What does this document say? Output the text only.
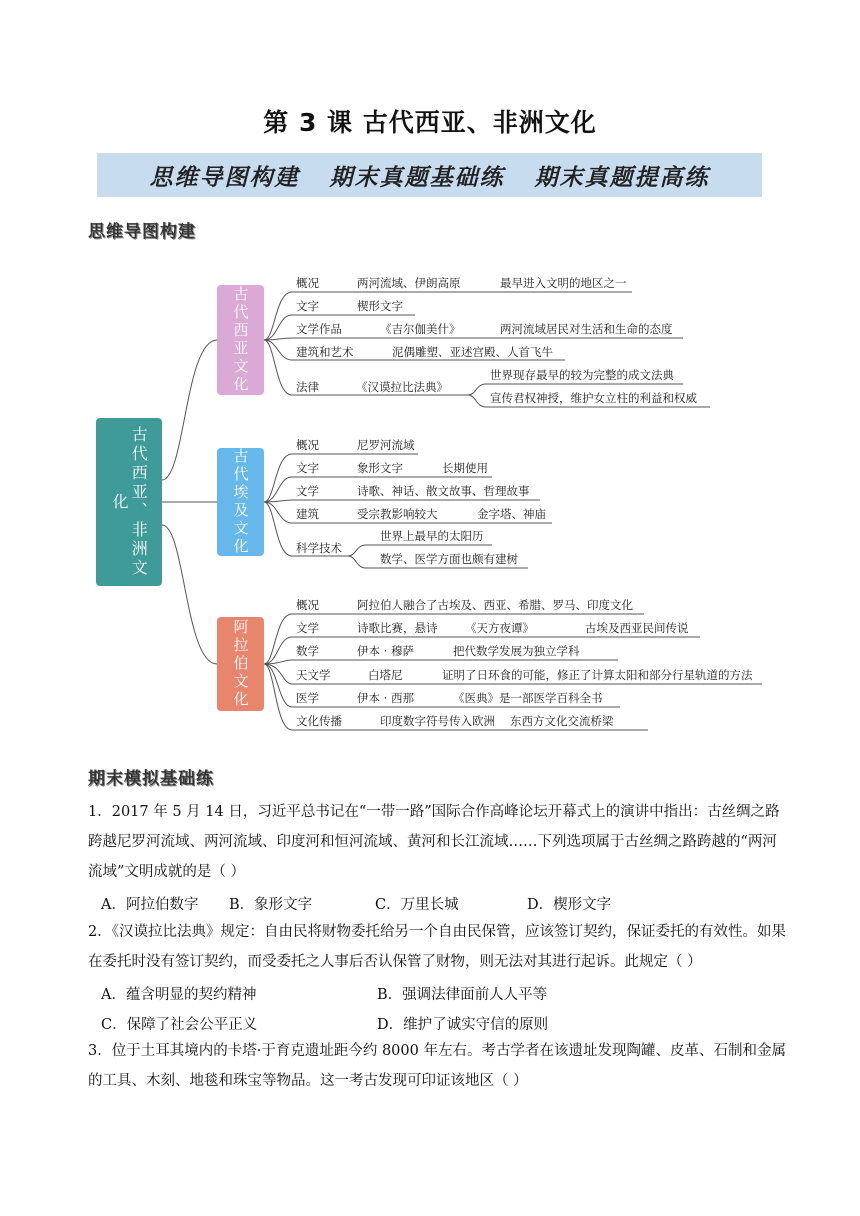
第 3 课 古代西亚、非洲文化
思维导图构建 期末真题基础练 期末真题提高练
思维导图构建
古代西亚、非洲文化
古代西亚文化
古代埃及文化
阿拉伯文化
概况	两河流域、伊朗高原	最早进入文明的地区之一
文字	楔形文字
文学作品	《吉尔伽美什》	两河流域居民对生活和生命的态度
建筑和艺术	泥偶雕塑、亚述宫殿、人首飞牛
法律	《汉谟拉比法典》
世界现存最早的较为完整的成文法典
宣传君权神授，维护女立柱的利益和权威
概况	尼罗河流域
文字	象形文字	长期使用
文学	诗歌、神话、散文故事、哲理故事
建筑	受宗教影响较大	金字塔、神庙
科学技术
世界上最早的太阳历
数学、医学方面也颇有建树
概况	阿拉伯人融合了古埃及、西亚、希腊、罗马、印度文化
文学	诗歌比赛，悬诗 《天方夜谭》	古埃及西亚民间传说
数学	伊本 · 穆萨	把代数学发展为独立学科
天文学	白塔尼	证明了日环食的可能，修正了计算太阳和部分行星轨道的方法
医学	伊本 · 西那	《医典》是一部医学百科全书
文化传播	印度数字符号传入欧洲 东西方文化交流桥梁
期末模拟基础练
1．2017 年 5 月 14 日，习近平总书记在“一带一路”国际合作高峰论坛开幕式上的演讲中指出：古丝绸之路跨越尼罗河流域、两河流域、印度河和恒河流域、黄河和长江流域……下列选项属于古丝绸之路跨越的“两河流域”文明成就的是（ ）
A．阿拉伯数字 B．象形文字	C．万里长城	D．楔形文字
2．《汉谟拉比法典》规定：自由民将财物委托给另一个自由民保管，应该签订契约，保证委托的有效性。如果在委托时没有签订契约，而受委托之人事后否认保管了财物，则无法对其进行起诉。此规定（ ）
A．蕴含明显的契约精神	B．强调法律面前人人平等
C．保障了社会公平正义	D．维护了诚实守信的原则
3．位于土耳其境内的卡塔·于育克遗址距今约 8000 年左右。考古学者在该遗址发现陶罐、皮革、石制和金属的工具、木刻、地毯和珠宝等物品。这一考古发现可印证该地区（ ）
